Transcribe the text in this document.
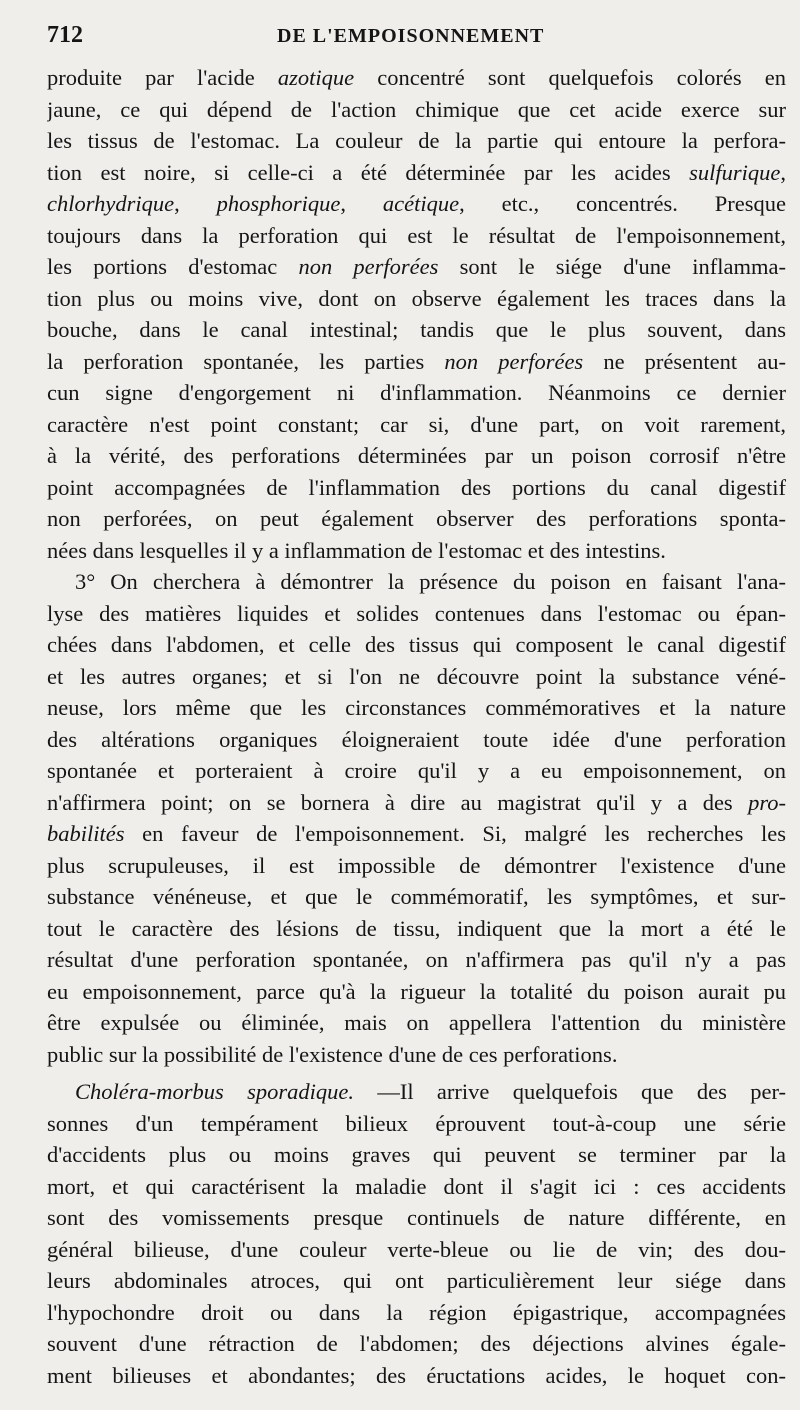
712	DE L'EMPOISONNEMENT
produite par l'acide azotique concentré sont quelquefois colorés en
jaune, ce qui dépend de l'action chimique que cet acide exerce sur
les tissus de l'estomac. La couleur de la partie qui entoure la perfora-
tion est noire, si celle-ci a été déterminée par les acides sulfurique,
chlorhydrique, phosphorique, acétique, etc., concentrés. Presque
toujours dans la perforation qui est le résultat de l'empoisonnement,
les portions d'estomac non perforées sont le siége d'une inflamma-
tion plus ou moins vive, dont on observe également les traces dans la
bouche, dans le canal intestinal; tandis que le plus souvent, dans
la perforation spontanée, les parties non perforées ne présentent au-
cun signe d'engorgement ni d'inflammation. Néanmoins ce dernier
caractère n'est point constant; car si, d'une part, on voit rarement,
à la vérité, des perforations déterminées par un poison corrosif n'être
point accompagnées de l'inflammation des portions du canal digestif
non perforées, on peut également observer des perforations sponta-
nées dans lesquelles il y a inflammation de l'estomac et des intestins.
3° On cherchera à démontrer la présence du poison en faisant l'ana-
lyse des matières liquides et solides contenues dans l'estomac ou épan-
chées dans l'abdomen, et celle des tissus qui composent le canal digestif
et les autres organes; et si l'on ne découvre point la substance véné-
neuse, lors même que les circonstances commémoratives et la nature
des altérations organiques éloigneraient toute idée d'une perforation
spontanée et porteraient à croire qu'il y a eu empoisonnement, on
n'affirmera point; on se bornera à dire au magistrat qu'il y a des pro-
babilités en faveur de l'empoisonnement. Si, malgré les recherches les
plus scrupuleuses, il est impossible de démontrer l'existence d'une
substance vénéneuse, et que le commémoratif, les symptômes, et sur-
tout le caractère des lésions de tissu, indiquent que la mort a été le
résultat d'une perforation spontanée, on n'affirmera pas qu'il n'y a pas
eu empoisonnement, parce qu'à la rigueur la totalité du poison aurait pu
être expulsée ou éliminée, mais on appellera l'attention du ministère
public sur la possibilité de l'existence d'une de ces perforations.
Choléra-morbus sporadique. —Il arrive quelquefois que des per-
sonnes d'un tempérament bilieux éprouvent tout-à-coup une série
d'accidents plus ou moins graves qui peuvent se terminer par la
mort, et qui caractérisent la maladie dont il s'agit ici : ces accidents
sont des vomissements presque continuels de nature différente, en
général bilieuse, d'une couleur verte-bleue ou lie de vin; des dou-
leurs abdominales atroces, qui ont particulièrement leur siége dans
l'hypochondre droit ou dans la région épigastrique, accompagnées
souvent d'une rétraction de l'abdomen; des déjections alvines égale-
ment bilieuses et abondantes; des éructations acides, le hoquet con-
